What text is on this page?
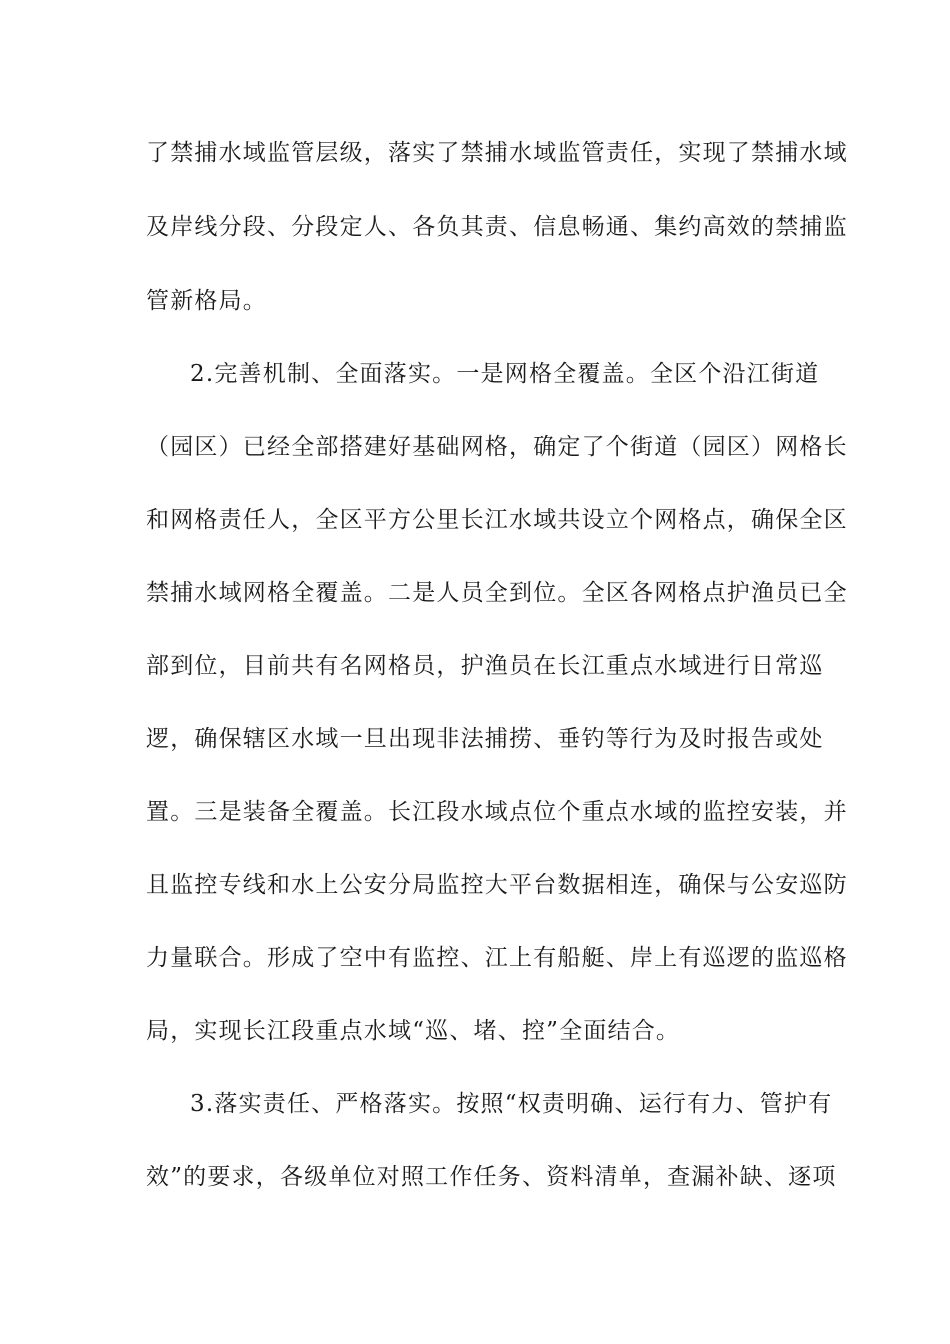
了禁捕水域监管层级，落实了禁捕水域监管责任，实现了禁捕水域
及岸线分段、分段定人、各负其责、信息畅通、集约高效的禁捕监
管新格局。
2.完善机制、全面落实。一是网格全覆盖。全区个沿江街道
（园区）已经全部搭建好基础网格，确定了个街道（园区）网格长
和网格责任人，全区平方公里长江水域共设立个网格点，确保全区
禁捕水域网格全覆盖。二是人员全到位。全区各网格点护渔员已全
部到位，目前共有名网格员，护渔员在长江重点水域进行日常巡
逻，确保辖区水域一旦出现非法捕捞、垂钓等行为及时报告或处
置。三是装备全覆盖。长江段水域点位个重点水域的监控安装，并
且监控专线和水上公安分局监控大平台数据相连，确保与公安巡防
力量联合。形成了空中有监控、江上有船艇、岸上有巡逻的监巡格
局，实现长江段重点水域“巡、堵、控”全面结合。
3.落实责任、严格落实。按照“权责明确、运行有力、管护有
效”的要求，各级单位对照工作任务、资料清单，查漏补缺、逐项
